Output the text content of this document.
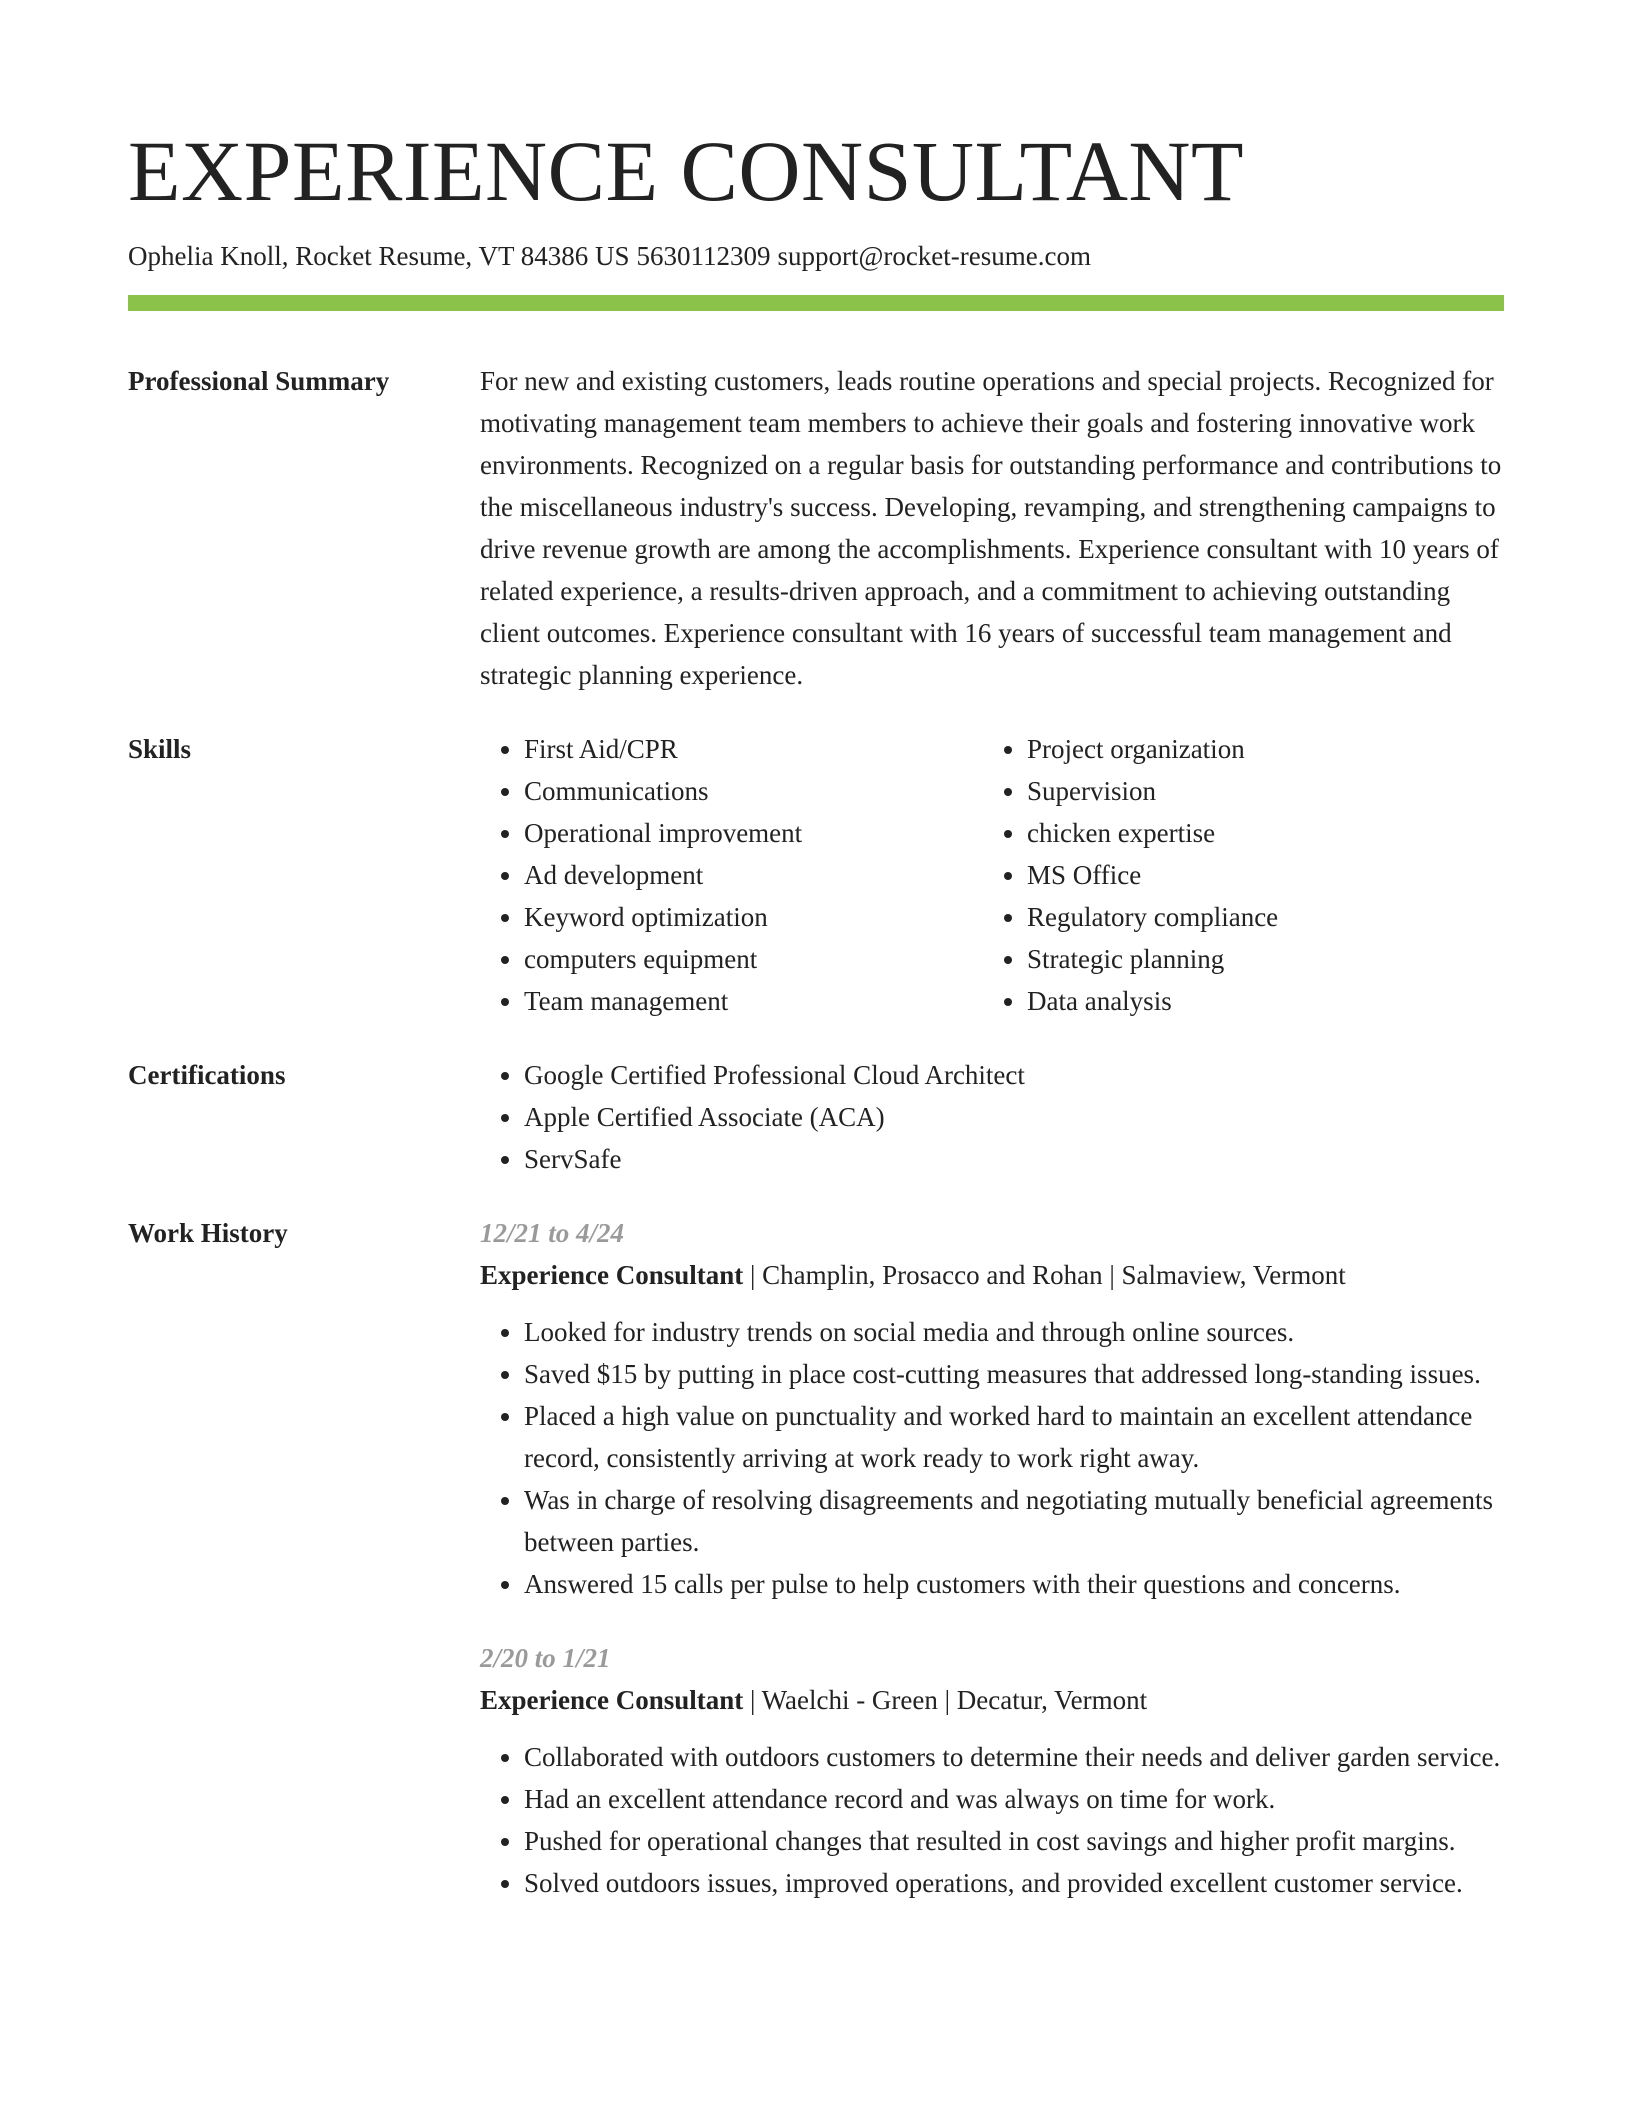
EXPERIENCE CONSULTANT
Ophelia Knoll, Rocket Resume, VT 84386 US 5630112309 support@rocket-resume.com
Professional Summary	For new and existing customers, leads routine operations and special projects. Recognized for motivating management team members to achieve their goals and fostering innovative work environments. Recognized on a regular basis for outstanding performance and contributions to the miscellaneous industry's success. Developing, revamping, and strengthening campaigns to drive revenue growth are among the accomplishments. Experience consultant with 10 years of related experience, a results-driven approach, and a commitment to achieving outstanding client outcomes. Experience consultant with 16 years of successful team management and strategic planning experience.
Skills	• First Aid/CPR
• Communications
• Operational improvement
• Ad development
• Keyword optimization
• computers equipment
• Team management
• Project organization
• Supervision
• chicken expertise
• MS Office
• Regulatory compliance
• Strategic planning
• Data analysis
Certifications	• Google Certified Professional Cloud Architect
• Apple Certified Associate (ACA)
• ServSafe
Work History	12/21 to 4/24
Experience Consultant | Champlin, Prosacco and Rohan | Salmaview, Vermont
• Looked for industry trends on social media and through online sources.
• Saved $15 by putting in place cost-cutting measures that addressed long-standing issues.
• Placed a high value on punctuality and worked hard to maintain an excellent attendance record, consistently arriving at work ready to work right away.
• Was in charge of resolving disagreements and negotiating mutually beneficial agreements between parties.
• Answered 15 calls per pulse to help customers with their questions and concerns.
2/20 to 1/21
Experience Consultant | Waelchi - Green | Decatur, Vermont
• Collaborated with outdoors customers to determine their needs and deliver garden service.
• Had an excellent attendance record and was always on time for work.
• Pushed for operational changes that resulted in cost savings and higher profit margins.
• Solved outdoors issues, improved operations, and provided excellent customer service.
